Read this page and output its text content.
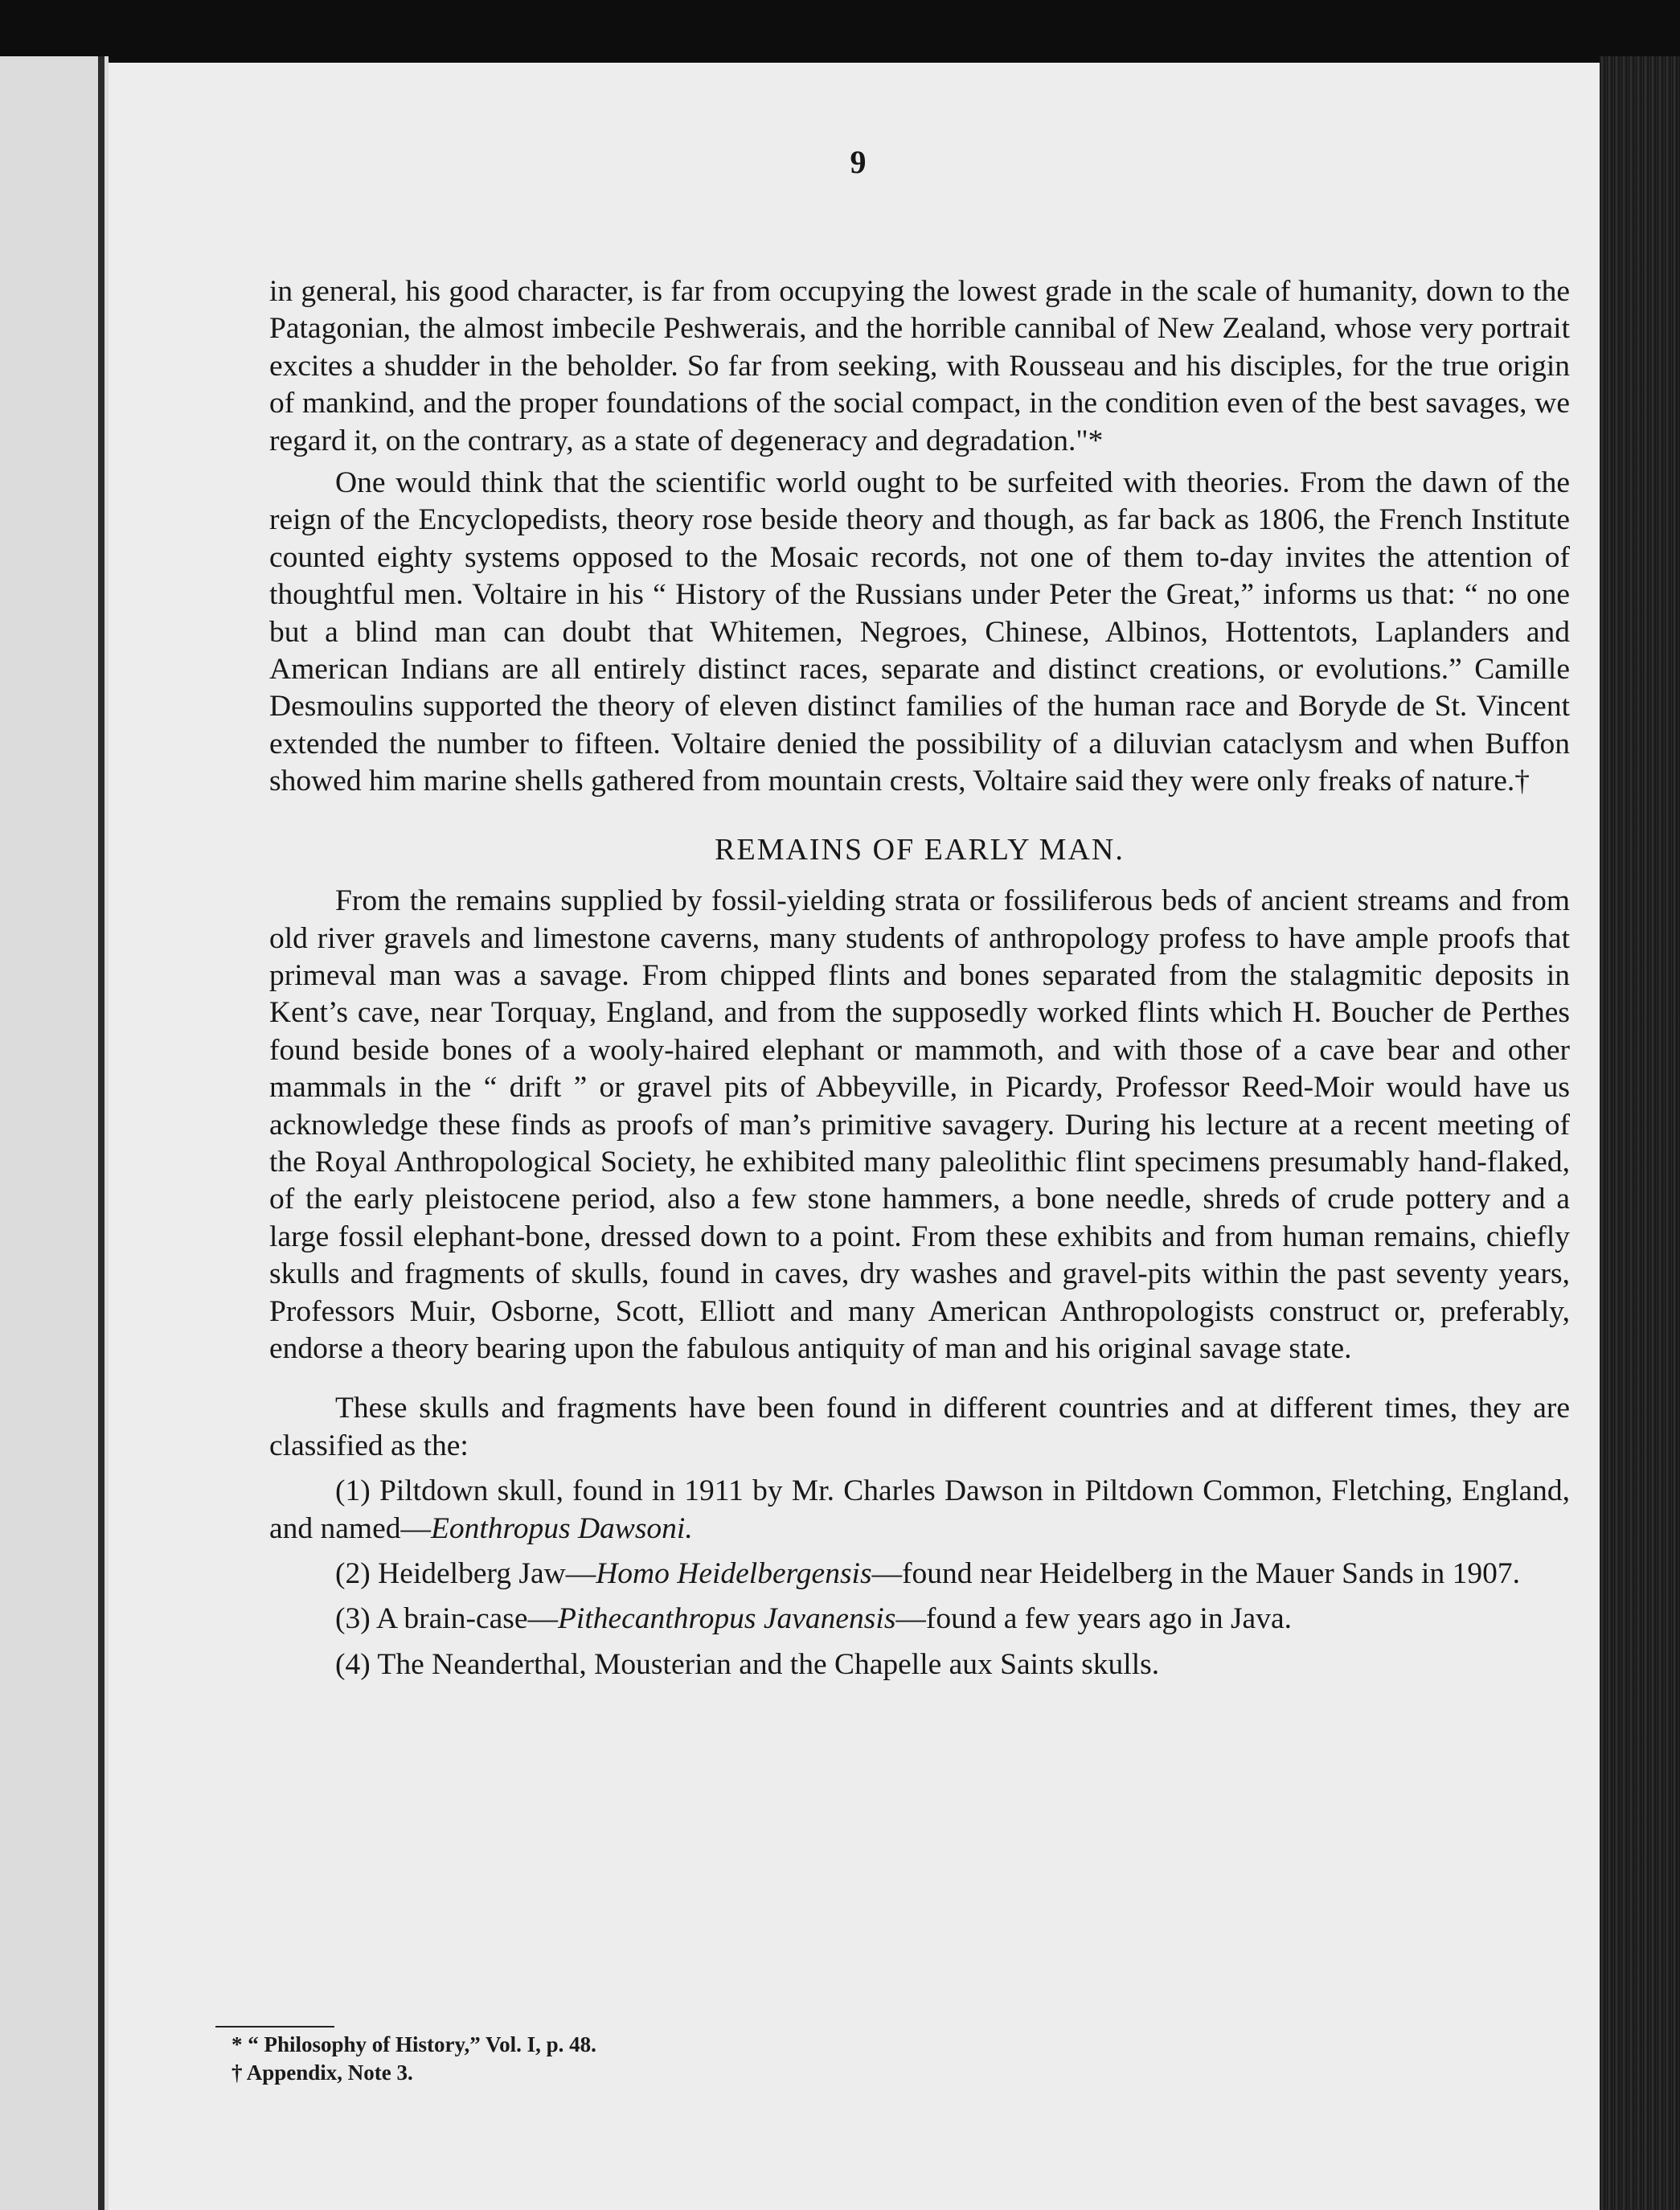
9

in general, his good character, is far from occupying the lowest grade in the scale of humanity, down to the Patagonian, the almost imbecile Peshwerais, and the horrible cannibal of New Zealand, whose very portrait excites a shudder in the beholder. So far from seeking, with Rousseau and his disciples, for the true origin of mankind, and the proper foundations of the social compact, in the condition even of the best savages, we regard it, on the contrary, as a state of degeneracy and degradation."*

One would think that the scientific world ought to be surfeited with theories. From the dawn of the reign of the Encyclopedists, theory rose beside theory and though, as far back as 1806, the French Institute counted eighty systems opposed to the Mosaic records, not one of them to-day invites the attention of thoughtful men. Voltaire in his “ History of the Russians under Peter the Great,” informs us that: “ no one but a blind man can doubt that Whitemen, Negroes, Chinese, Albinos, Hottentots, Laplanders and American Indians are all entirely distinct races, separate and distinct creations, or evolutions.” Camille Desmoulins supported the theory of eleven distinct families of the human race and Boryde de St. Vincent extended the number to fifteen. Voltaire denied the possibility of a diluvian cataclysm and when Buffon showed him marine shells gathered from mountain crests, Voltaire said they were only freaks of nature.†

REMAINS OF EARLY MAN.

From the remains supplied by fossil-yielding strata or fossiliferous beds of ancient streams and from old river gravels and limestone caverns, many students of anthropology profess to have ample proofs that primeval man was a savage. From chipped flints and bones separated from the stalagmitic deposits in Kent’s cave, near Torquay, England, and from the supposedly worked flints which H. Boucher de Perthes found beside bones of a wooly-haired elephant or mammoth, and with those of a cave bear and other mammals in the “ drift ” or gravel pits of Abbeyville, in Picardy, Professor Reed-Moir would have us acknowledge these finds as proofs of man’s primitive savagery. During his lecture at a recent meeting of the Royal Anthropological Society, he exhibited many paleolithic flint specimens presumably hand-flaked, of the early pleistocene period, also a few stone hammers, a bone needle, shreds of crude pottery and a large fossil elephant-bone, dressed down to a point. From these exhibits and from human remains, chiefly skulls and fragments of skulls, found in caves, dry washes and gravel-pits within the past seventy years, Professors Muir, Osborne, Scott, Elliott and many American Anthropologists construct or, preferably, endorse a theory bearing upon the fabulous antiquity of man and his original savage state.

These skulls and fragments have been found in different countries and at different times, they are classified as the:

(1) Piltdown skull, found in 1911 by Mr. Charles Dawson in Piltdown Common, Fletching, England, and named—Eonthropus Dawsoni.

(2) Heidelberg Jaw—Homo Heidelbergensis—found near Heidelberg in the Mauer Sands in 1907.

(3) A brain-case—Pithecanthropus Javanensis—found a few years ago in Java.

(4) The Neanderthal, Mousterian and the Chapelle aux Saints skulls.

* “ Philosophy of History,” Vol. I, p. 48.
† Appendix, Note 3.
